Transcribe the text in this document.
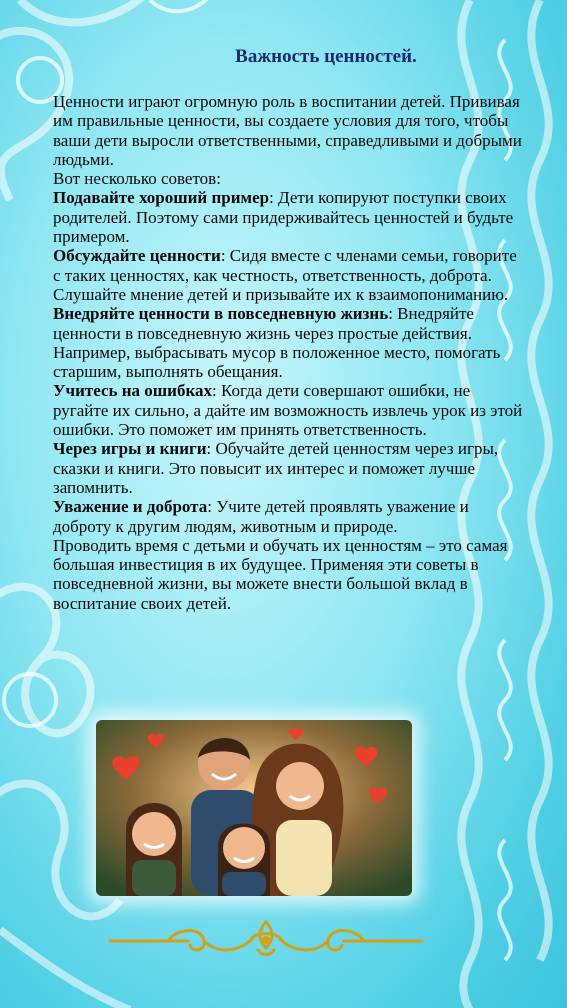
Важность ценностей.

Ценности играют огромную роль в воспитании детей. Прививая им правильные ценности, вы создаете условия для того, чтобы ваши дети выросли ответственными, справедливыми и добрыми людьми.

Вот несколько советов:

Подавайте хороший пример: Дети копируют поступки своих родителей. Поэтому сами придерживайтесь ценностей и будьте примером.

Обсуждайте ценности: Сидя вместе с членами семьи, говорите с таких ценностях, как честность, ответственность, доброта. Слушайте мнение детей и призывайте их к взаимопониманию.

Внедряйте ценности в повседневную жизнь: Внедряйте ценности в повседневную жизнь через простые действия. Например, выбрасывать мусор в положенное место, помогать старшим, выполнять обещания.

Учитесь на ошибках: Когда дети совершают ошибки, не ругайте их сильно, а дайте им возможность извлечь урок из этой ошибки. Это поможет им принять ответственность.

Через игры и книги: Обучайте детей ценностям через игры, сказки и книги. Это повысит их интерес и поможет лучше запомнить.

Уважение и доброта: Учите детей проявлять уважение и доброту к другим людям, животным и природе.

Проводить время с детьми и обучать их ценностям – это самая большая инвестиция в их будущее. Применяя эти советы в повседневной жизни, вы можете внести большой вклад в воспитание своих детей.
